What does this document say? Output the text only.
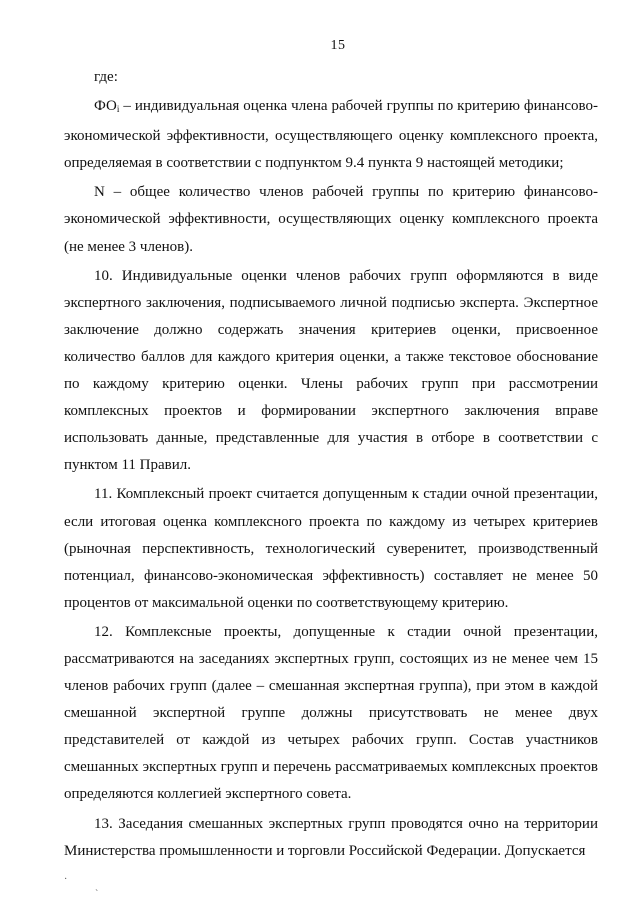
15

где:

$ФО_i$ – индивидуальная оценка члена рабочей группы по критерию финансово-экономической эффективности, осуществляющего оценку комплексного проекта, определяемая в соответствии с подпунктом 9.4 пункта 9 настоящей методики;

N – общее количество членов рабочей группы по критерию финансово-экономической эффективности, осуществляющих оценку комплексного проекта (не менее 3 членов).

10. Индивидуальные оценки членов рабочих групп оформляются в виде экспертного заключения, подписываемого личной подписью эксперта. Экспертное заключение должно содержать значения критериев оценки, присвоенное количество баллов для каждого критерия оценки, а также текстовое обоснование по каждому критерию оценки. Члены рабочих групп при рассмотрении комплексных проектов и формировании экспертного заключения вправе использовать данные, представленные для участия в отборе в соответствии с пунктом 11 Правил.

11. Комплексный проект считается допущенным к стадии очной презентации, если итоговая оценка комплексного проекта по каждому из четырех критериев (рыночная перспективность, технологический суверенитет, производственный потенциал, финансово-экономическая эффективность) составляет не менее 50 процентов от максимальной оценки по соответствующему критерию.

12. Комплексные проекты, допущенные к стадии очной презентации, рассматриваются на заседаниях экспертных групп, состоящих из не менее чем 15 членов рабочих групп (далее – смешанная экспертная группа), при этом в каждой смешанной экспертной группе должны присутствовать не менее двух представителей от каждой из четырех рабочих групп. Состав участников смешанных экспертных групп и перечень рассматриваемых комплексных проектов определяются коллегией экспертного совета.

13. Заседания смешанных экспертных групп проводятся очно на территории Министерства промышленности и торговли Российской Федерации. Допускается

·
˴
